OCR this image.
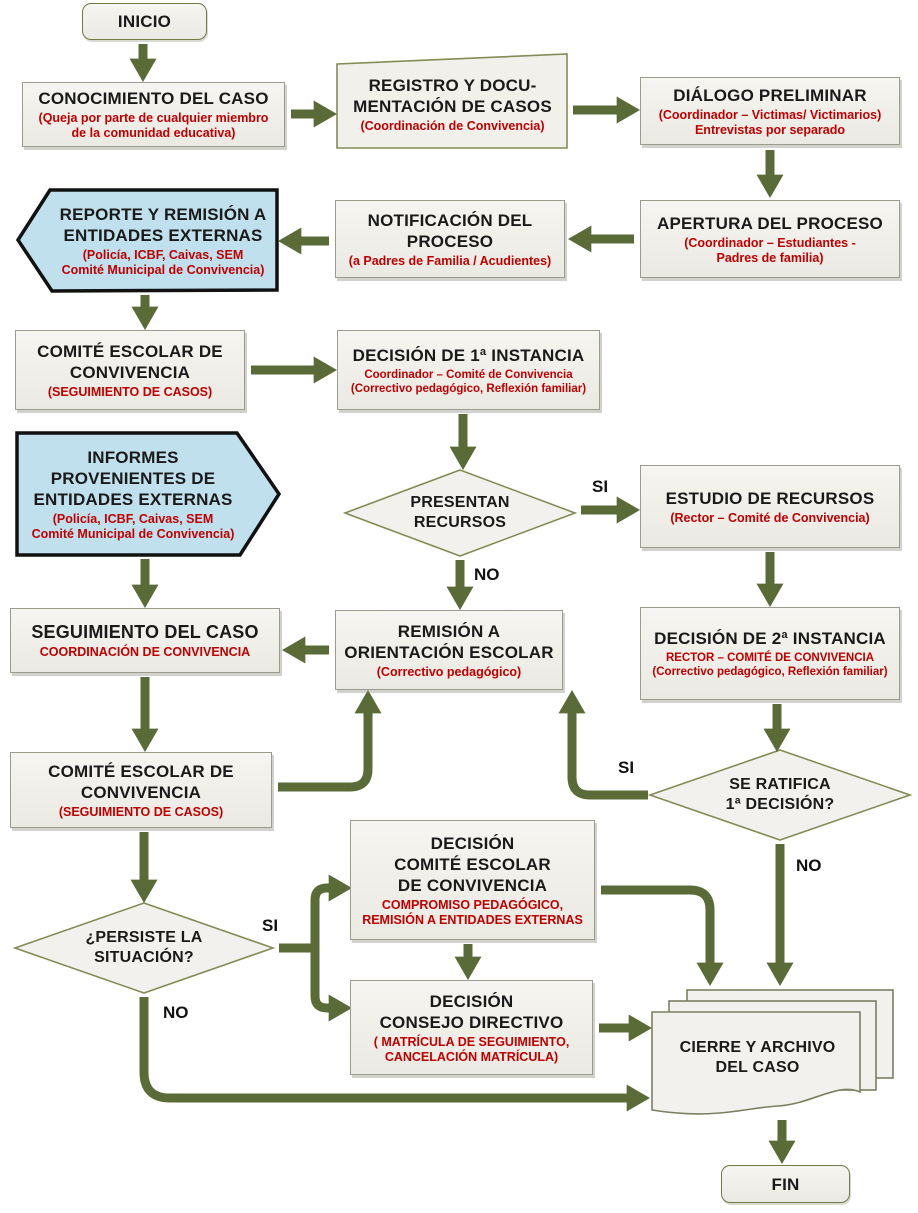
INICIO
CONOCIMIENTO DEL CASO
(Queja por parte de cualquier miembro
de la comunidad educativa)
REGISTRO Y DOCU-
MENTACIÓN DE CASOS
(Coordinación de Convivencia)
DIÁLOGO PRELIMINAR
(Coordinador – Victimas/ Victimarios)
Entrevistas por separado
APERTURA DEL PROCESO
(Coordinador – Estudiantes -
Padres de familia)
NOTIFICACIÓN DEL
PROCESO
(a Padres de Familia / Acudientes)
REPORTE Y REMISIÓN A
ENTIDADES EXTERNAS
(Policía, ICBF, Caivas, SEM
Comité Municipal de Convivencia)
COMITÉ ESCOLAR DE
CONVIVENCIA
(SEGUIMIENTO DE CASOS)
DECISIÓN DE 1ª INSTANCIA
Coordinador – Comité de Convivencia
(Correctivo pedagógico, Reflexión familiar)
INFORMES
PROVENIENTES DE
ENTIDADES EXTERNAS
(Policía, ICBF, Caivas, SEM
Comité Municipal de Convivencia)
PRESENTAN
RECURSOS
ESTUDIO DE RECURSOS
(Rector – Comité de Convivencia)
DECISIÓN DE 2ª INSTANCIA
RECTOR – COMITÉ DE CONVIVENCIA
(Correctivo pedagógico, Reflexión familiar)
REMISIÓN A
ORIENTACIÓN ESCOLAR
(Correctivo pedagógico)
SEGUIMIENTO DEL CASO
COORDINACIÓN DE CONVIVENCIA
COMITÉ ESCOLAR DE
CONVIVENCIA
(SEGUIMIENTO DE CASOS)
SE RATIFICA
1ª DECISIÓN?
DECISIÓN
COMITÉ ESCOLAR
DE CONVIVENCIA
COMPROMISO PEDAGÓGICO,
REMISIÓN A ENTIDADES EXTERNAS
¿PERSISTE LA
SITUACIÓN?
DECISIÓN
CONSEJO DIRECTIVO
( MATRÍCULA DE SEGUIMIENTO,
CANCELACIÓN MATRÍCULA)
CIERRE Y ARCHIVO
DEL CASO
FIN
SI
NO
SI
NO
SI
NO
